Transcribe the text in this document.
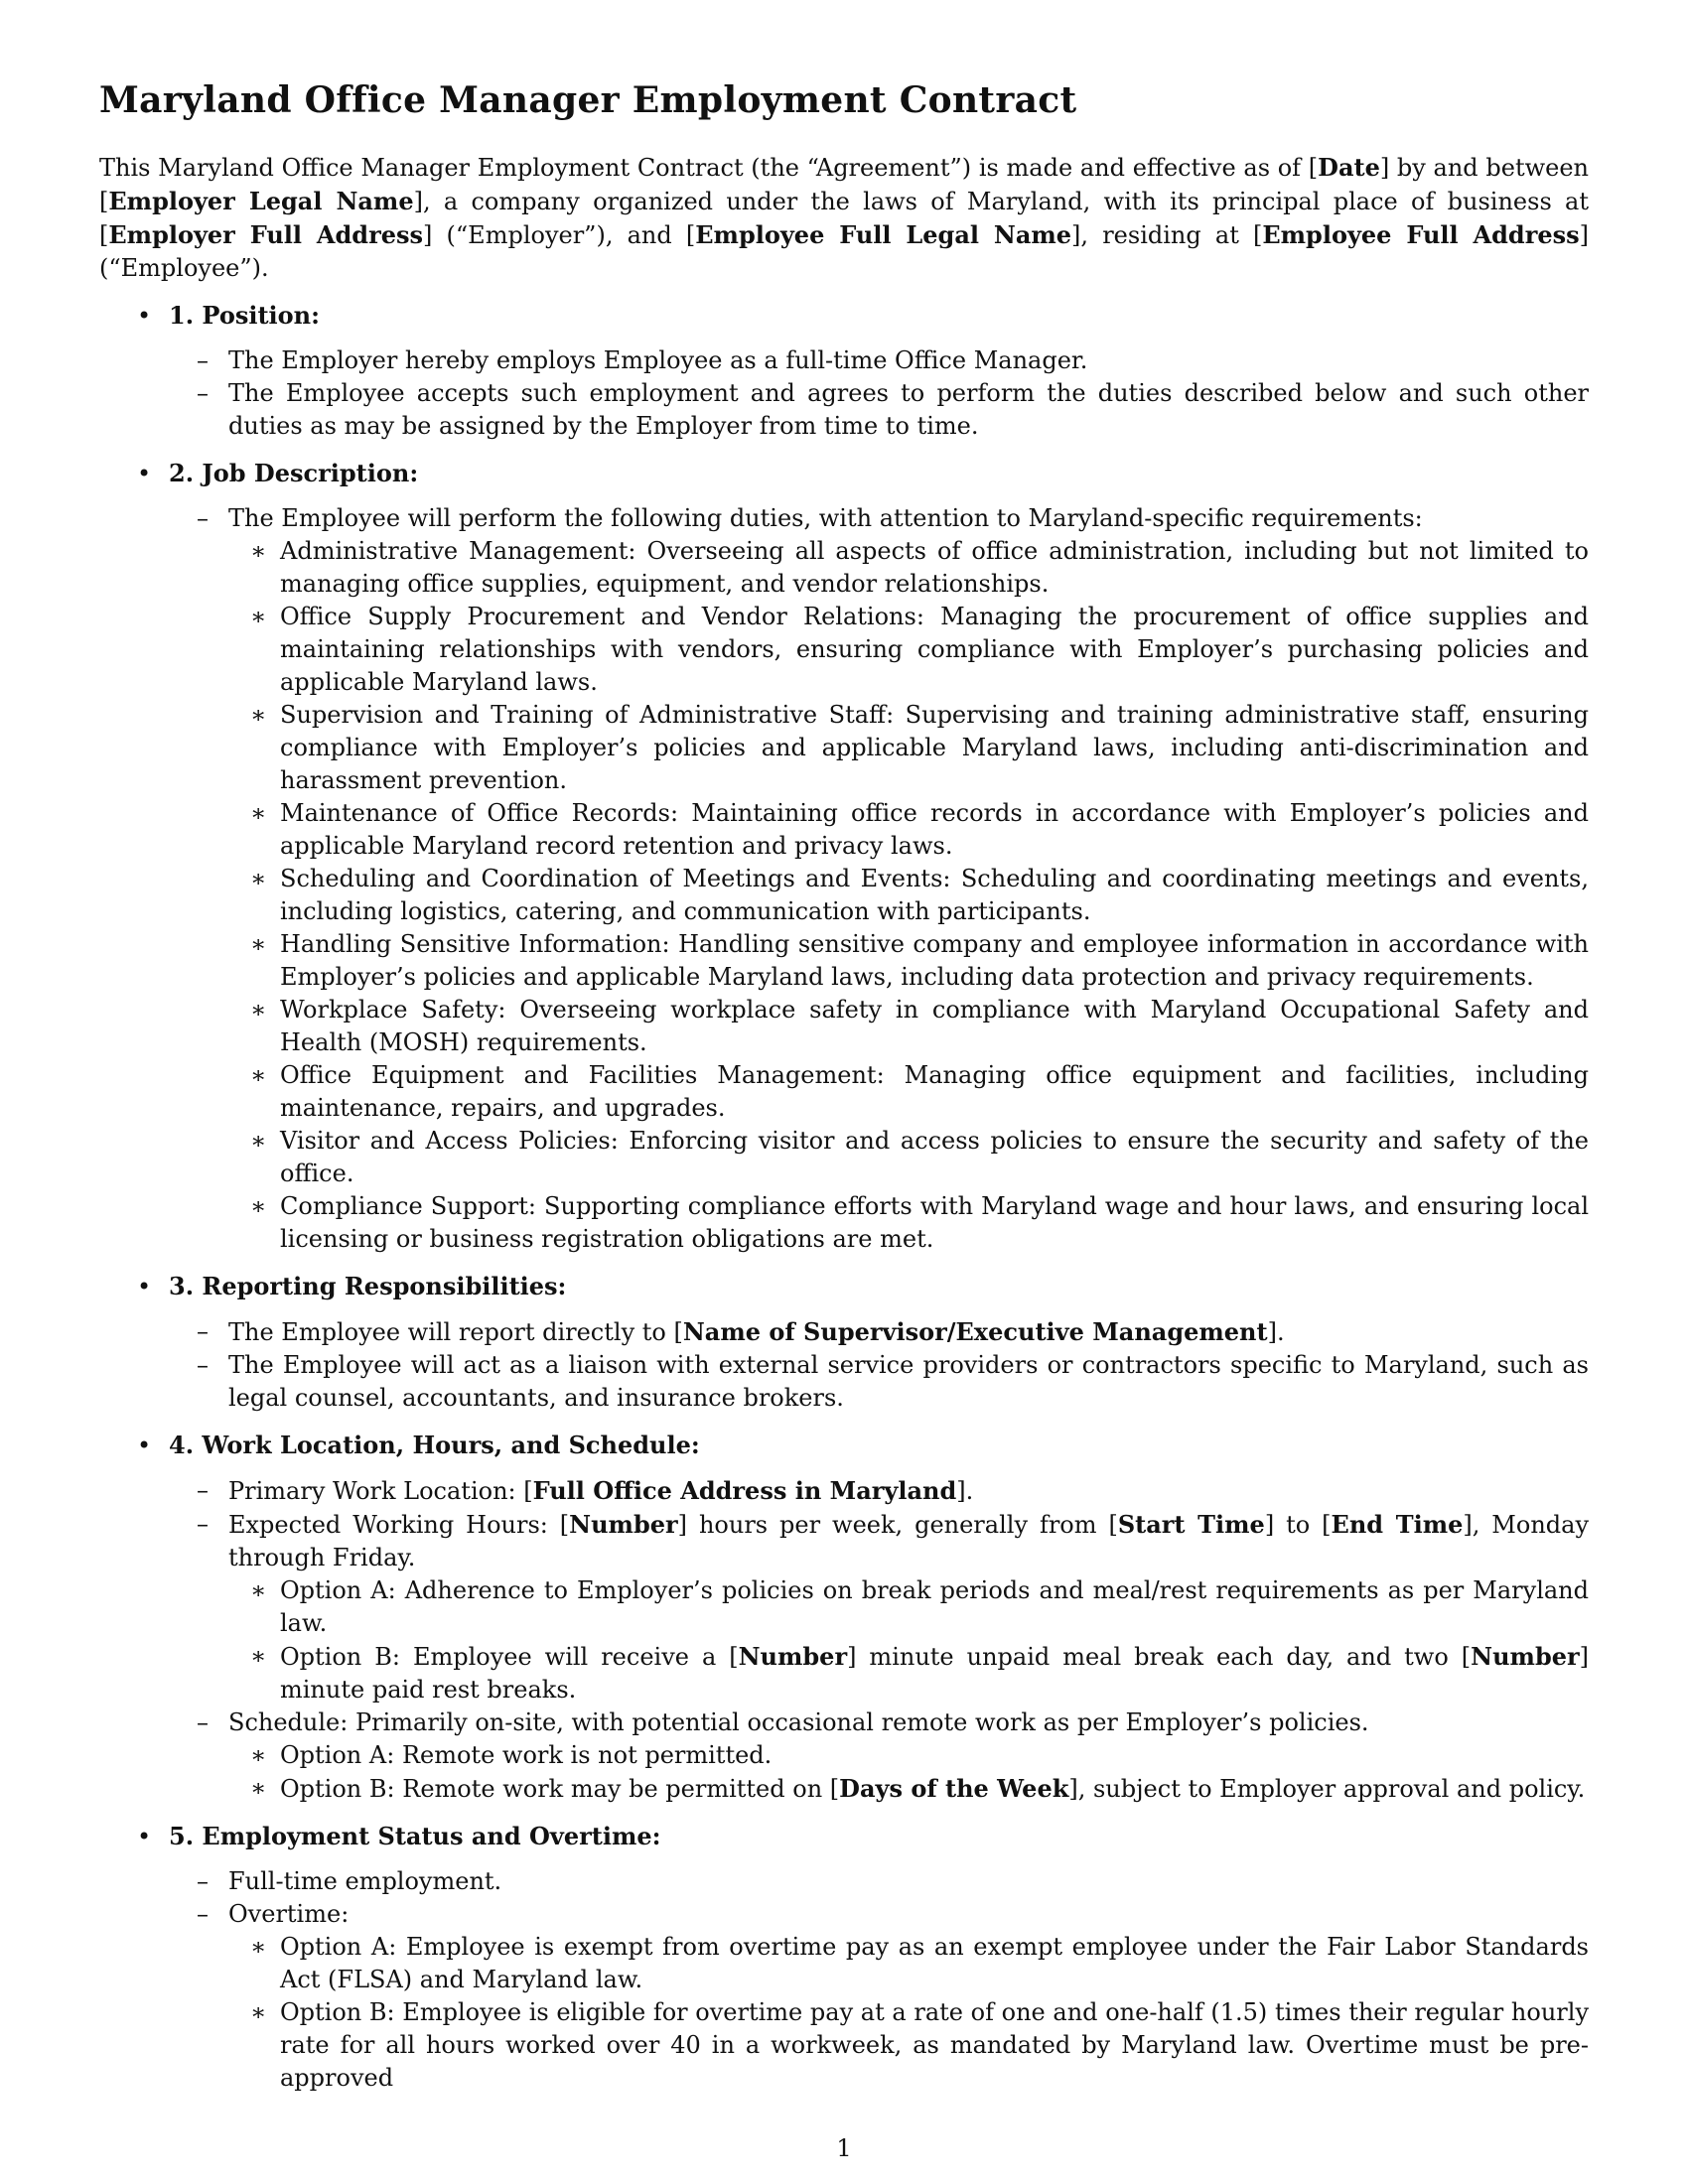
Maryland Office Manager Employment Contract

This Maryland Office Manager Employment Contract (the “Agreement”) is made and effective as of [Date] by and between [Employer Legal Name], a company organized under the laws of Maryland, with its principal place of business at [Employer Full Address] (“Employer”), and [Employee Full Legal Name], residing at [Employee Full Address] (“Employee”).

• 1. Position:
– The Employer hereby employs Employee as a full-time Office Manager.
– The Employee accepts such employment and agrees to perform the duties described below and such other duties as may be assigned by the Employer from time to time.
• 2. Job Description:
– The Employee will perform the following duties, with attention to Maryland-specific requirements:
∗ Administrative Management: Overseeing all aspects of office administration, including but not limited to managing office supplies, equipment, and vendor relationships.
∗ Office Supply Procurement and Vendor Relations: Managing the procurement of office supplies and maintaining relationships with vendors, ensuring compliance with Employer’s purchasing policies and applicable Maryland laws.
∗ Supervision and Training of Administrative Staff: Supervising and training administrative staff, ensuring compliance with Employer’s policies and applicable Maryland laws, including anti-discrimination and harassment prevention.
∗ Maintenance of Office Records: Maintaining office records in accordance with Employer’s policies and applicable Maryland record retention and privacy laws.
∗ Scheduling and Coordination of Meetings and Events: Scheduling and coordinating meetings and events, including logistics, catering, and communication with participants.
∗ Handling Sensitive Information: Handling sensitive company and employee information in accordance with Employer’s policies and applicable Maryland laws, including data protection and privacy requirements.
∗ Workplace Safety: Overseeing workplace safety in compliance with Maryland Occupational Safety and Health (MOSH) requirements.
∗ Office Equipment and Facilities Management: Managing office equipment and facilities, including maintenance, repairs, and upgrades.
∗ Visitor and Access Policies: Enforcing visitor and access policies to ensure the security and safety of the office.
∗ Compliance Support: Supporting compliance efforts with Maryland wage and hour laws, and ensuring local licensing or business registration obligations are met.
• 3. Reporting Responsibilities:
– The Employee will report directly to [Name of Supervisor/Executive Management].
– The Employee will act as a liaison with external service providers or contractors specific to Maryland, such as legal counsel, accountants, and insurance brokers.
• 4. Work Location, Hours, and Schedule:
– Primary Work Location: [Full Office Address in Maryland].
– Expected Working Hours: [Number] hours per week, generally from [Start Time] to [End Time], Monday through Friday.
∗ Option A: Adherence to Employer’s policies on break periods and meal/rest requirements as per Maryland law.
∗ Option B: Employee will receive a [Number] minute unpaid meal break each day, and two [Number] minute paid rest breaks.
– Schedule: Primarily on-site, with potential occasional remote work as per Employer’s policies.
∗ Option A: Remote work is not permitted.
∗ Option B: Remote work may be permitted on [Days of the Week], subject to Employer approval and policy.
• 5. Employment Status and Overtime:
– Full-time employment.
– Overtime:
∗ Option A: Employee is exempt from overtime pay as an exempt employee under the Fair Labor Standards Act (FLSA) and Maryland law.
∗ Option B: Employee is eligible for overtime pay at a rate of one and one-half (1.5) times their regular hourly rate for all hours worked over 40 in a workweek, as mandated by Maryland law. Overtime must be pre-approved
1
